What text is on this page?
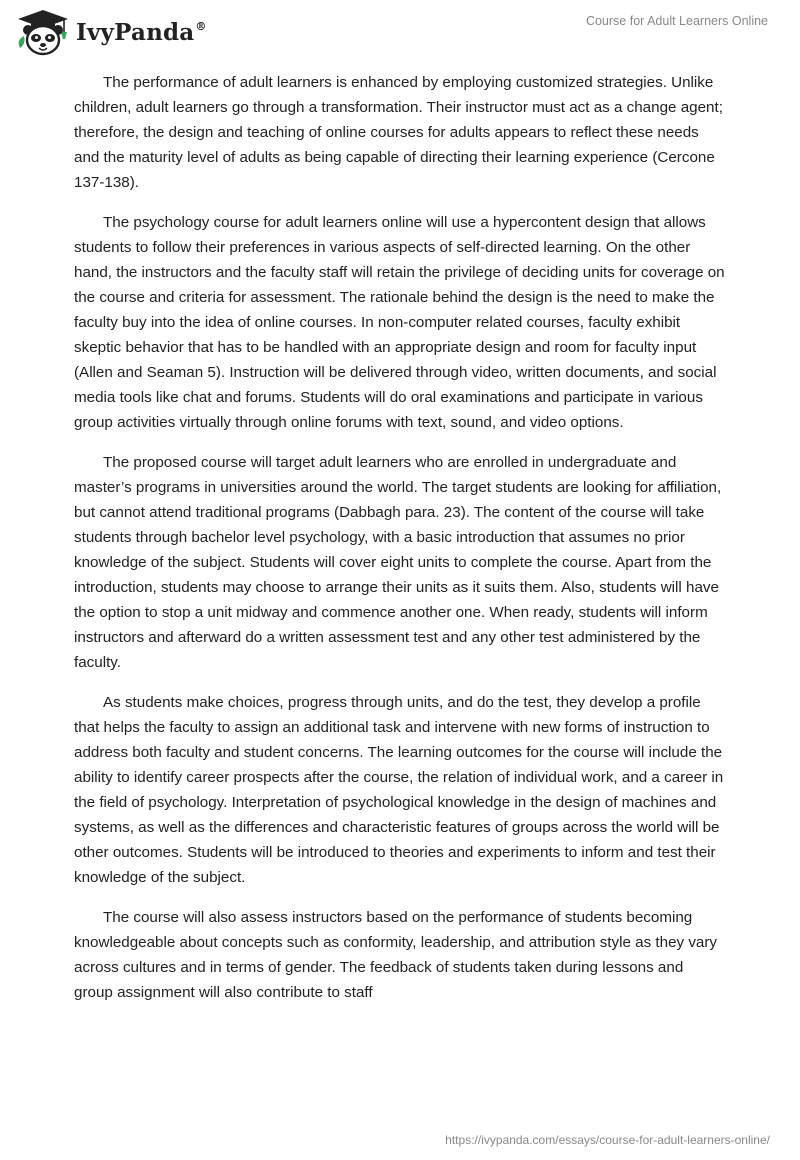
IvyPanda®	Course for Adult Learners Online

The performance of adult learners is enhanced by employing customized strategies. Unlike children, adult learners go through a transformation. Their instructor must act as a change agent; therefore, the design and teaching of online courses for adults appears to reflect these needs and the maturity level of adults as being capable of directing their learning experience (Cercone 137-138).

The psychology course for adult learners online will use a hypercontent design that allows students to follow their preferences in various aspects of self-directed learning. On the other hand, the instructors and the faculty staff will retain the privilege of deciding units for coverage on the course and criteria for assessment. The rationale behind the design is the need to make the faculty buy into the idea of online courses. In non-computer related courses, faculty exhibit skeptic behavior that has to be handled with an appropriate design and room for faculty input (Allen and Seaman 5). Instruction will be delivered through video, written documents, and social media tools like chat and forums. Students will do oral examinations and participate in various group activities virtually through online forums with text, sound, and video options.

The proposed course will target adult learners who are enrolled in undergraduate and master’s programs in universities around the world. The target students are looking for affiliation, but cannot attend traditional programs (Dabbagh para. 23). The content of the course will take students through bachelor level psychology, with a basic introduction that assumes no prior knowledge of the subject. Students will cover eight units to complete the course. Apart from the introduction, students may choose to arrange their units as it suits them. Also, students will have the option to stop a unit midway and commence another one. When ready, students will inform instructors and afterward do a written assessment test and any other test administered by the faculty.

As students make choices, progress through units, and do the test, they develop a profile that helps the faculty to assign an additional task and intervene with new forms of instruction to address both faculty and student concerns. The learning outcomes for the course will include the ability to identify career prospects after the course, the relation of individual work, and a career in the field of psychology. Interpretation of psychological knowledge in the design of machines and systems, as well as the differences and characteristic features of groups across the world will be other outcomes. Students will be introduced to theories and experiments to inform and test their knowledge of the subject.

The course will also assess instructors based on the performance of students becoming knowledgeable about concepts such as conformity, leadership, and attribution style as they vary across cultures and in terms of gender. The feedback of students taken during lessons and group assignment will also contribute to staff

https://ivypanda.com/essays/course-for-adult-learners-online/
